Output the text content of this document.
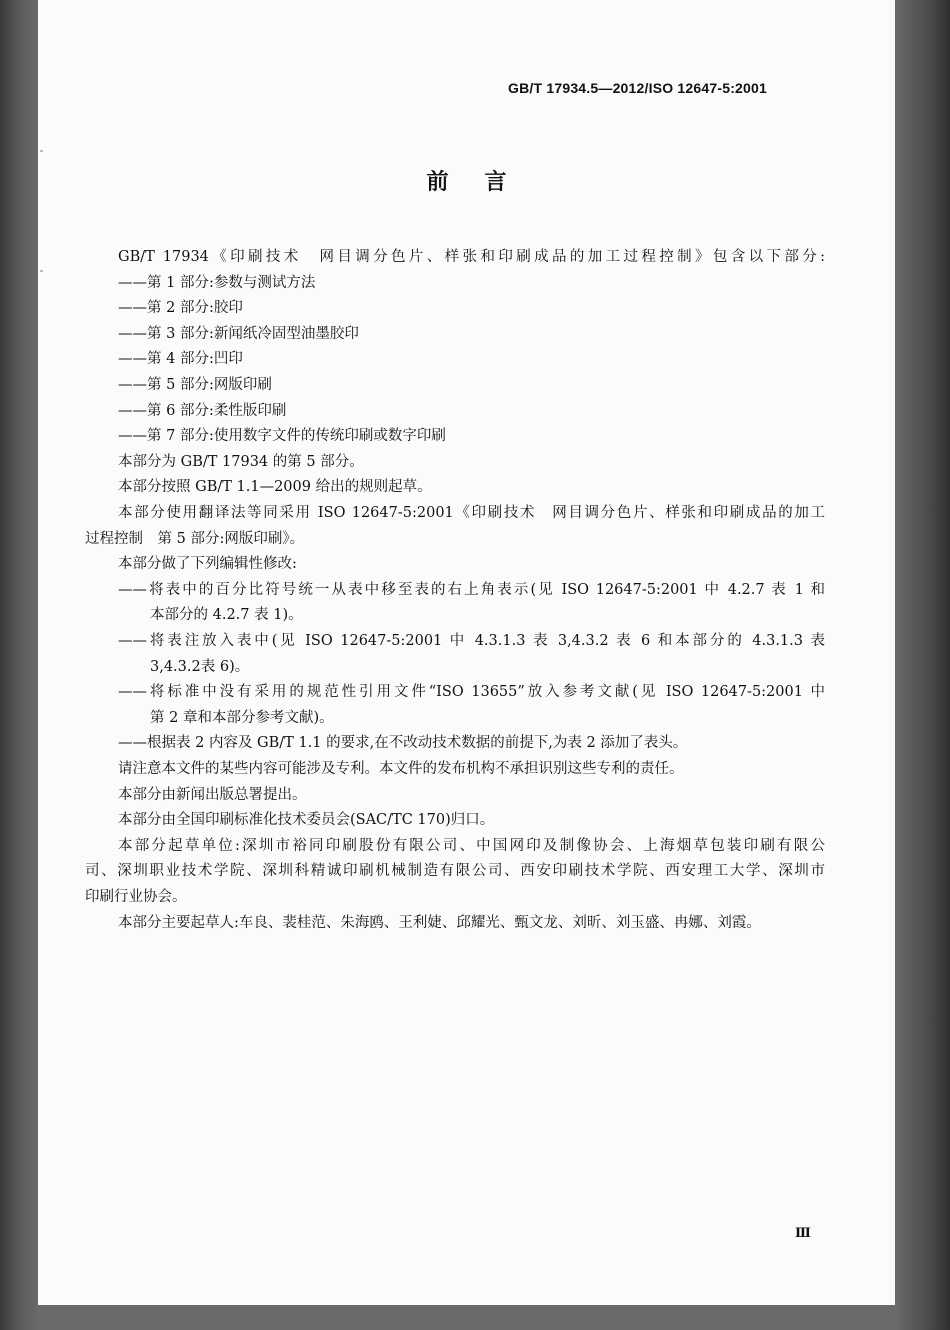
GB/T 17934.5—2012/ISO 12647-5:2001
前 言
GB/T 17934《印刷技术　网目调分色片、样张和印刷成品的加工过程控制》包含以下部分:
——第 1 部分:参数与测试方法
——第 2 部分:胶印
——第 3 部分:新闻纸冷固型油墨胶印
——第 4 部分:凹印
——第 5 部分:网版印刷
——第 6 部分:柔性版印刷
——第 7 部分:使用数字文件的传统印刷或数字印刷
本部分为 GB/T 17934 的第 5 部分。
本部分按照 GB/T 1.1—2009 给出的规则起草。
本部分使用翻译法等同采用 ISO 12647-5:2001《印刷技术　网目调分色片、样张和印刷成品的加工
过程控制　第 5 部分:网版印刷》。
本部分做了下列编辑性修改:
——将表中的百分比符号统一从表中移至表的右上角表示(见 ISO 12647-5:2001 中 4.2.7 表 1 和
本部分的 4.2.7 表 1)。
——将表注放入表中(见 ISO 12647-5:2001 中 4.3.1.3 表 3,4.3.2 表 6 和本部分的 4.3.1.3 表
3,4.3.2表 6)。
——将标准中没有采用的规范性引用文件“ISO 13655”放入参考文献(见 ISO 12647-5:2001 中
第 2 章和本部分参考文献)。
——根据表 2 内容及 GB/T 1.1 的要求,在不改动技术数据的前提下,为表 2 添加了表头。
请注意本文件的某些内容可能涉及专利。本文件的发布机构不承担识别这些专利的责任。
本部分由新闻出版总署提出。
本部分由全国印刷标准化技术委员会(SAC/TC 170)归口。
本部分起草单位:深圳市裕同印刷股份有限公司、中国网印及制像协会、上海烟草包装印刷有限公
司、深圳职业技术学院、深圳科精诚印刷机械制造有限公司、西安印刷技术学院、西安理工大学、深圳市
印刷行业协会。
本部分主要起草人:车良、裴桂范、朱海鸥、王利婕、邱耀光、甄文龙、刘昕、刘玉盛、冉娜、刘霞。
Ⅲ
